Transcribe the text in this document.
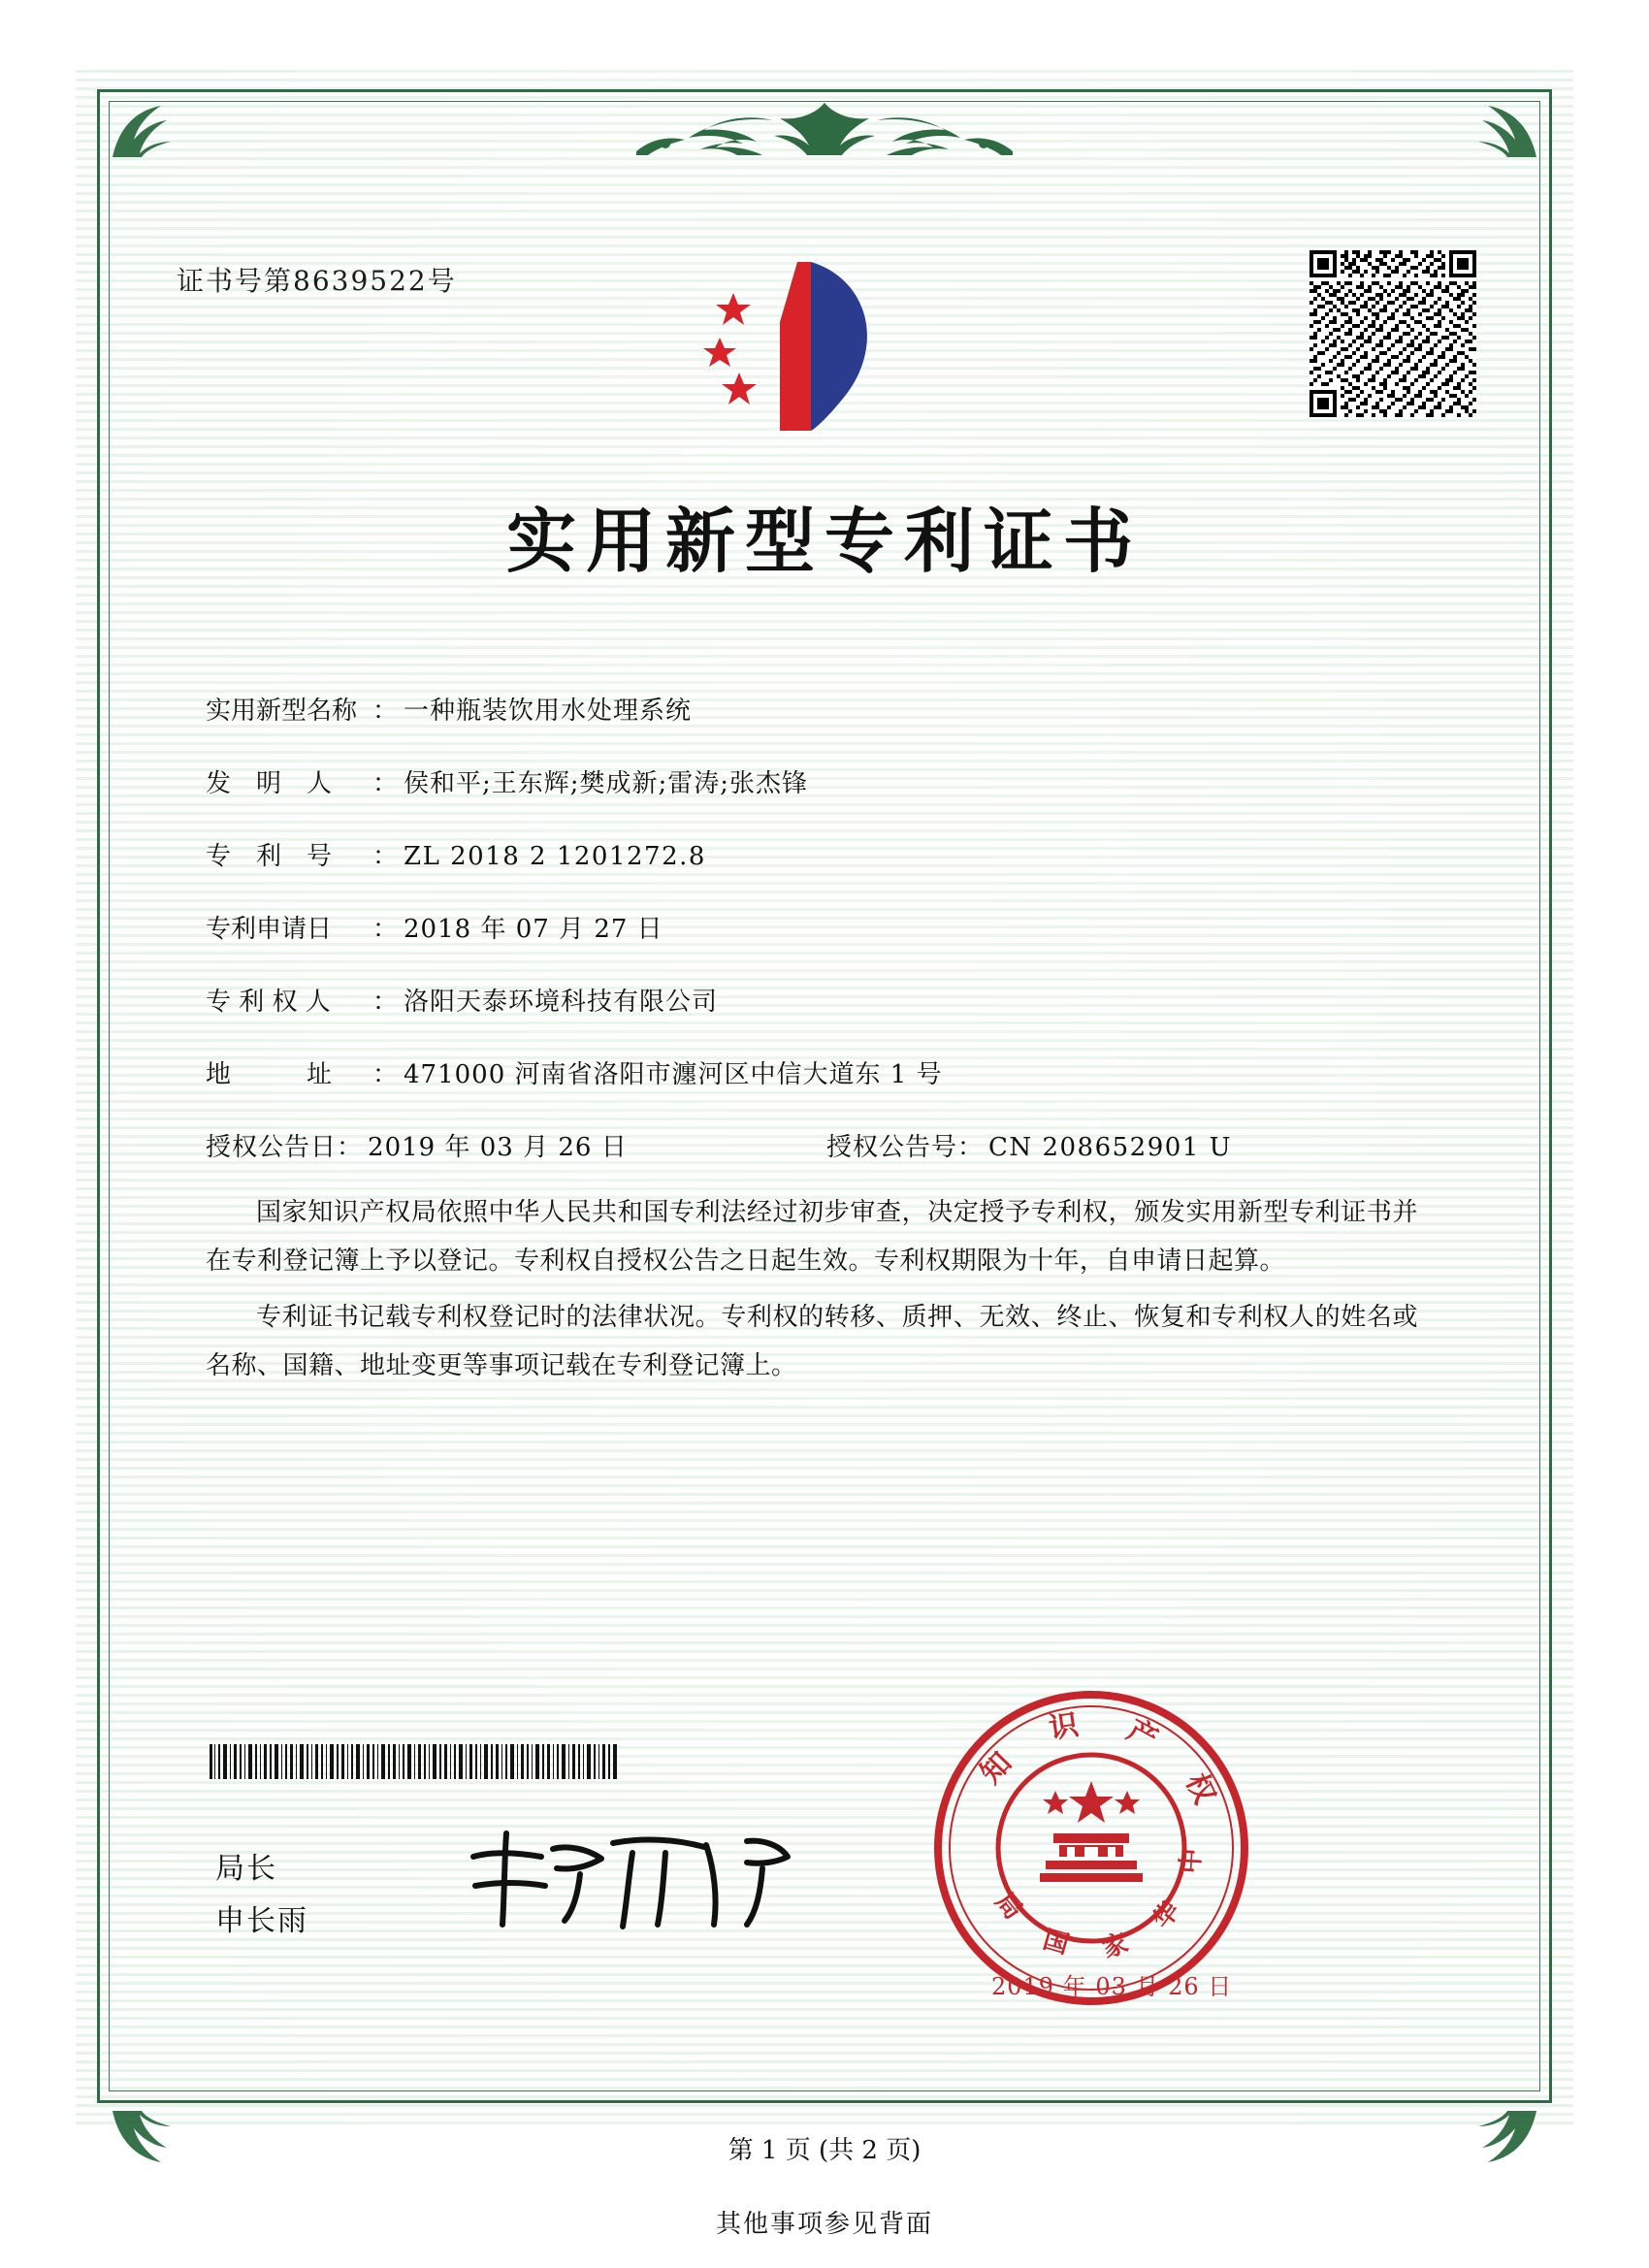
证书号第8639522号
实用新型专利证书
实用新型名称 ： 一种瓶装饮用水处理系统
发　明　人	： 侯和平;王东辉;樊成新;雷涛;张杰锋
专　利　号	： ZL 2018 2 1201272.8
专利申请日	： 2018 年 07 月 27 日
专 利 权 人	： 洛阳天泰环境科技有限公司
地　　　址	： 471000 河南省洛阳市瀍河区中信大道东 1 号
授权公告日 ： 2019 年 03 月 26 日	授权公告号 ： CN 208652901 U

国家知识产权局依照中华人民共和国专利法经过初步审查，决定授予专利权，颁发实用新型专利证书并在专利登记簿上予以登记。专利权自授权公告之日起生效。专利权期限为十年，自申请日起算。

专利证书记载专利权登记时的法律状况。专利权的转移、质押、无效、终止、恢复和专利权人的姓名或名称、国籍、地址变更等事项记载在专利登记簿上。

局长
申长雨
知 识 产 权
局 国 家 华 中
2019 年 03 月 26 日
第 1 页 (共 2 页)
其他事项参见背面
